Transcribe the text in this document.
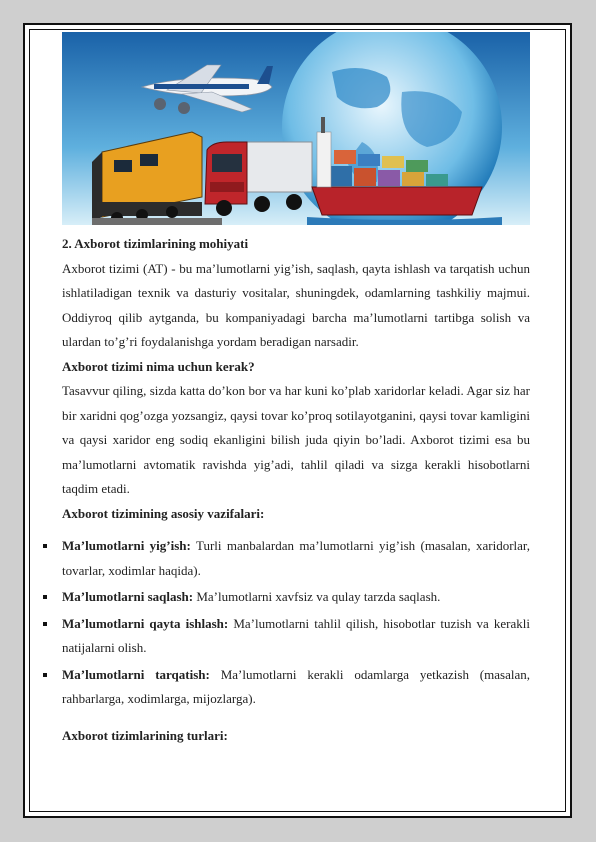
2. Axborot tizimlarining mohiyati

Axborot tizimi (AT) - bu ma’lumotlarni yig’ish, saqlash, qayta ishlash va tarqatish uchun ishlatiladigan texnik va dasturiy vositalar, shuningdek, odamlarning tashkiliy majmui. Oddiyroq qilib aytganda, bu kompaniyadagi barcha ma’lumotlarni tartibga solish va ulardan to’g’ri foydalanishga yordam beradigan narsadir.

Axborot tizimi nima uchun kerak?

Tasavvur qiling, sizda katta do’kon bor va har kuni ko’plab xaridorlar keladi. Agar siz har bir xaridni qog’ozga yozsangiz, qaysi tovar ko’proq sotilayotganini, qaysi tovar kamligini va qaysi xaridor eng sodiq ekanligini bilish juda qiyin bo’ladi. Axborot tizimi esa bu ma’lumotlarni avtomatik ravishda yig’adi, tahlil qiladi va sizga kerakli hisobotlarni taqdim etadi.

Axborot tizimining asosiy vazifalari:
Ma’lumotlarni yig’ish: Turli manbalardan ma’lumotlarni yig’ish (masalan, xaridorlar, tovarlar, xodimlar haqida).
Ma’lumotlarni saqlash: Ma’lumotlarni xavfsiz va qulay tarzda saqlash.
Ma’lumotlarni qayta ishlash: Ma’lumotlarni tahlil qilish, hisobotlar tuzish va kerakli natijalarni olish.
Ma’lumotlarni tarqatish: Ma’lumotlarni kerakli odamlarga yetkazish (masalan, rahbarlarga, xodimlarga, mijozlarga).
Axborot tizimlarining turlari:
